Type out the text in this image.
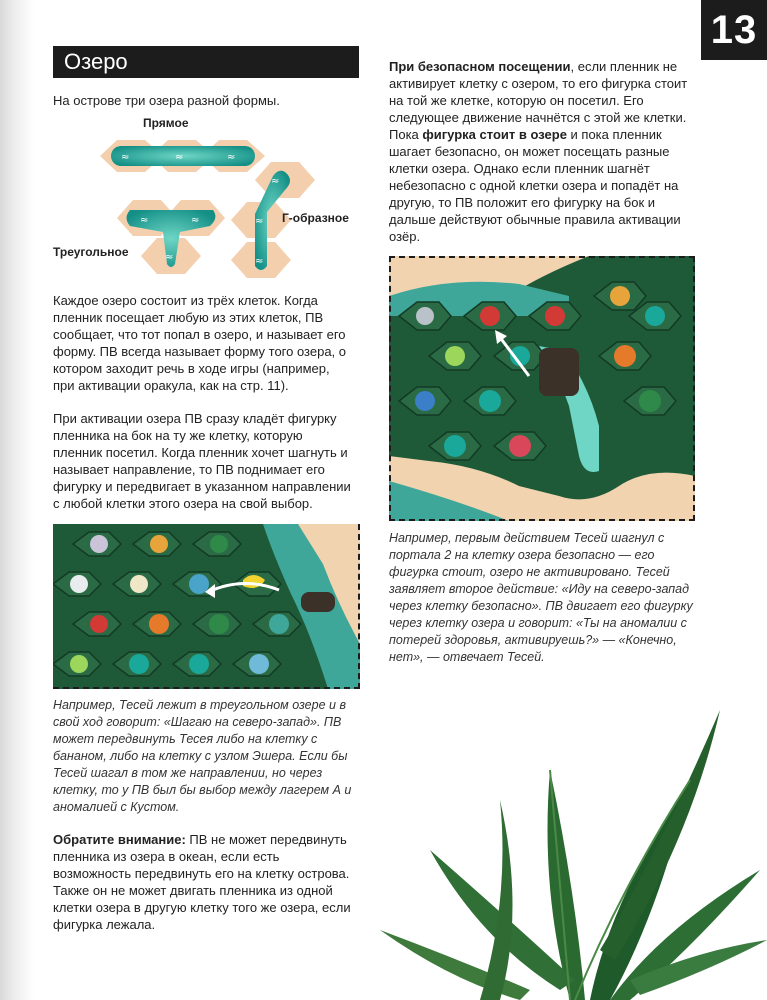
13
Озеро

На острове три озера разной формы.

≈	≈	≈
≈	≈
≈
≈
≈
≈
Прямое
Г-образное
Треугольное

Каждое озеро состоит из трёх клеток. Когда пленник посещает любую из этих клеток, ПВ сообщает, что тот попал в озеро, и называет его форму. ПВ всегда называет форму того озера, о котором заходит речь в ходе игры (например, при активации оракула, как на стр. 11).

При активации озера ПВ сразу кладёт фигурку пленника на бок на ту же клетку, которую пленник посетил. Когда пленник хочет шагнуть и называет направление, то ПВ поднимает его фигурку и передвигает в указанном направлении с любой клетки этого озера на свой выбор.

Например, Тесей лежит в треугольном озере и в свой ход говорит: «Шагаю на северо-запад». ПВ может передвинуть Тесея либо на клетку с бананом, либо на клетку с узлом Эшера. Если бы Тесей шагал в том же направлении, но через клетку, то у ПВ был бы выбор между лагерем А и аномалией с Кустом.

Обратите внимание: ПВ не может передвинуть пленника из озера в океан, если есть возможность передвинуть его на клетку острова. Также он не может двигать пленника из одной клетки озера в другую клетку того же озера, если фигурка лежала.

При безопасном посещении, если пленник не активирует клетку с озером, то его фигурка стоит на той же клетке, которую он посетил. Его следующее движение начнётся с этой же клетки. Пока фигурка стоит в озере и пока пленник шагает безопасно, он может посещать разные клетки озера. Однако если пленник шагнёт небезопасно с одной клетки озера и попадёт на другую, то ПВ положит его фигурку на бок и дальше действуют обычные правила активации озёр.

Например, первым действием Тесей шагнул с портала 2 на клетку озера безопасно — его фигурка стоит, озеро не активировано. Тесей заявляет второе действие: «Иду на северо-запад через клетку безопасно». ПВ двигает его фигурку через клетку озера и говорит: «Ты на аномалии с потерей здоровья, активируешь?» — «Конечно, нет», — отвечает Тесей.
